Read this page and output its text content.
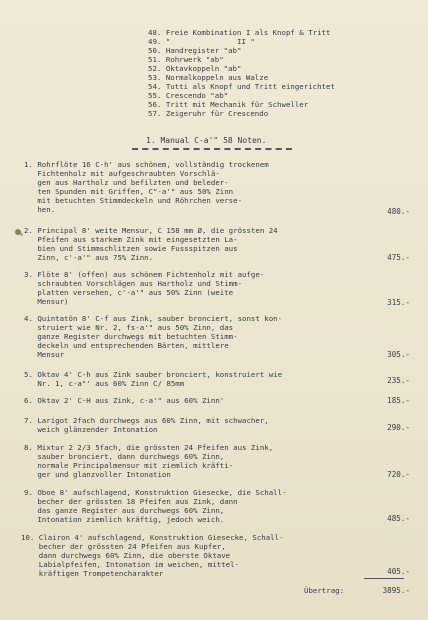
48. Freie Kombination I als Knopf & Tritt
49. "               II "
50. Handregister "ab"
51. Rohrwerk "ab"
52. Oktavkoppeln "ab"
53. Normalkoppeln aus Walze
54. Tutti als Knopf und Tritt eingerichtet
55. Crescendo "ab"
56. Tritt mit Mechanik für Schweller
57. Zeigeruhr für Crescendo
1. Manual C-a'" 58 Noten.
1. Rohrflöte 16 C-h' aus schönem, vollständig trockenem
Fichtenholz mit aufgeschraubten Vorschlä-
gen aus Hartholz und befilzten und beleder-
ten Spunden mit Griffen, C"-a'" aus 50% Zinn
mit betuchten Stimmdeckeln und Röhrchen verse-
hen.	480.-
2. Principal 8' weite Mensur, C 158 mm Ø, die grössten 24
Pfeifen aus starkem Zink mit eingesetzten La-
bien und Stimmschlitzen sowie Fussspitzen aus
Zinn, c'-a'" aus 75% Zinn.	475.-
3. Flöte 8' (offen) aus schönem Fichtenholz mit aufge-
schraubten Vorschlägen aus Hartholz und Stimm-
platten versehen, c'-a'" aus 50% Zinn (weite
Mensur)	315.-
4. Quintatön 8' C-f aus Zink, sauber bronciert, sonst kon-
struiert wie Nr. 2, fs-a'" aus 50% Zinn, das
ganze Register durchwegs mit betuchten Stimm-
deckeln und entsprechenden Bärten, mittlere
Mensur	305.-
5. Oktav 4' C-h aus Zink sauber bronciert, konstruiert wie
Nr. 1, c-a"' aus 60% Zinn C/ 85mm	235.-
6. Oktav 2' C-H aus Zink, c-a'" aus 60% Zinn'	185.-
7. Larigot 2fach durchwegs aus 60% Zinn, mit schwacher,
weich glänzender Intonation	290.-
8. Mixtur 2 2/3 5fach, die grössten 24 Pfeifen aus Zink,
sauber bronciert, dann durchwegs 60% Zinn,
normale Principalmensur mit ziemlich kräfti-
ger und glanzvoller Intonation	720.-
9. Oboe 8' aufschlagend, Konstruktion Giesecke, die Schall-
becher der grössten 18 Pfeifen aus Zink, dann
das ganze Register aus durchwegs 60% Zinn,
Intonation ziemlich kräftig, jedoch weich.	485.-
10. Clairon 4' aufschlagend, Konstruktion Giesecke, Schall-
becher der grössten 24 Pfeifen aus Kupfer,
dann durchwegs 60% Zinn, die oberste Oktave
Labialpfeifen, Intonation im weichen, mittel-
kräftigen Trompetencharakter	405.-
Übertrag:	3895.-
